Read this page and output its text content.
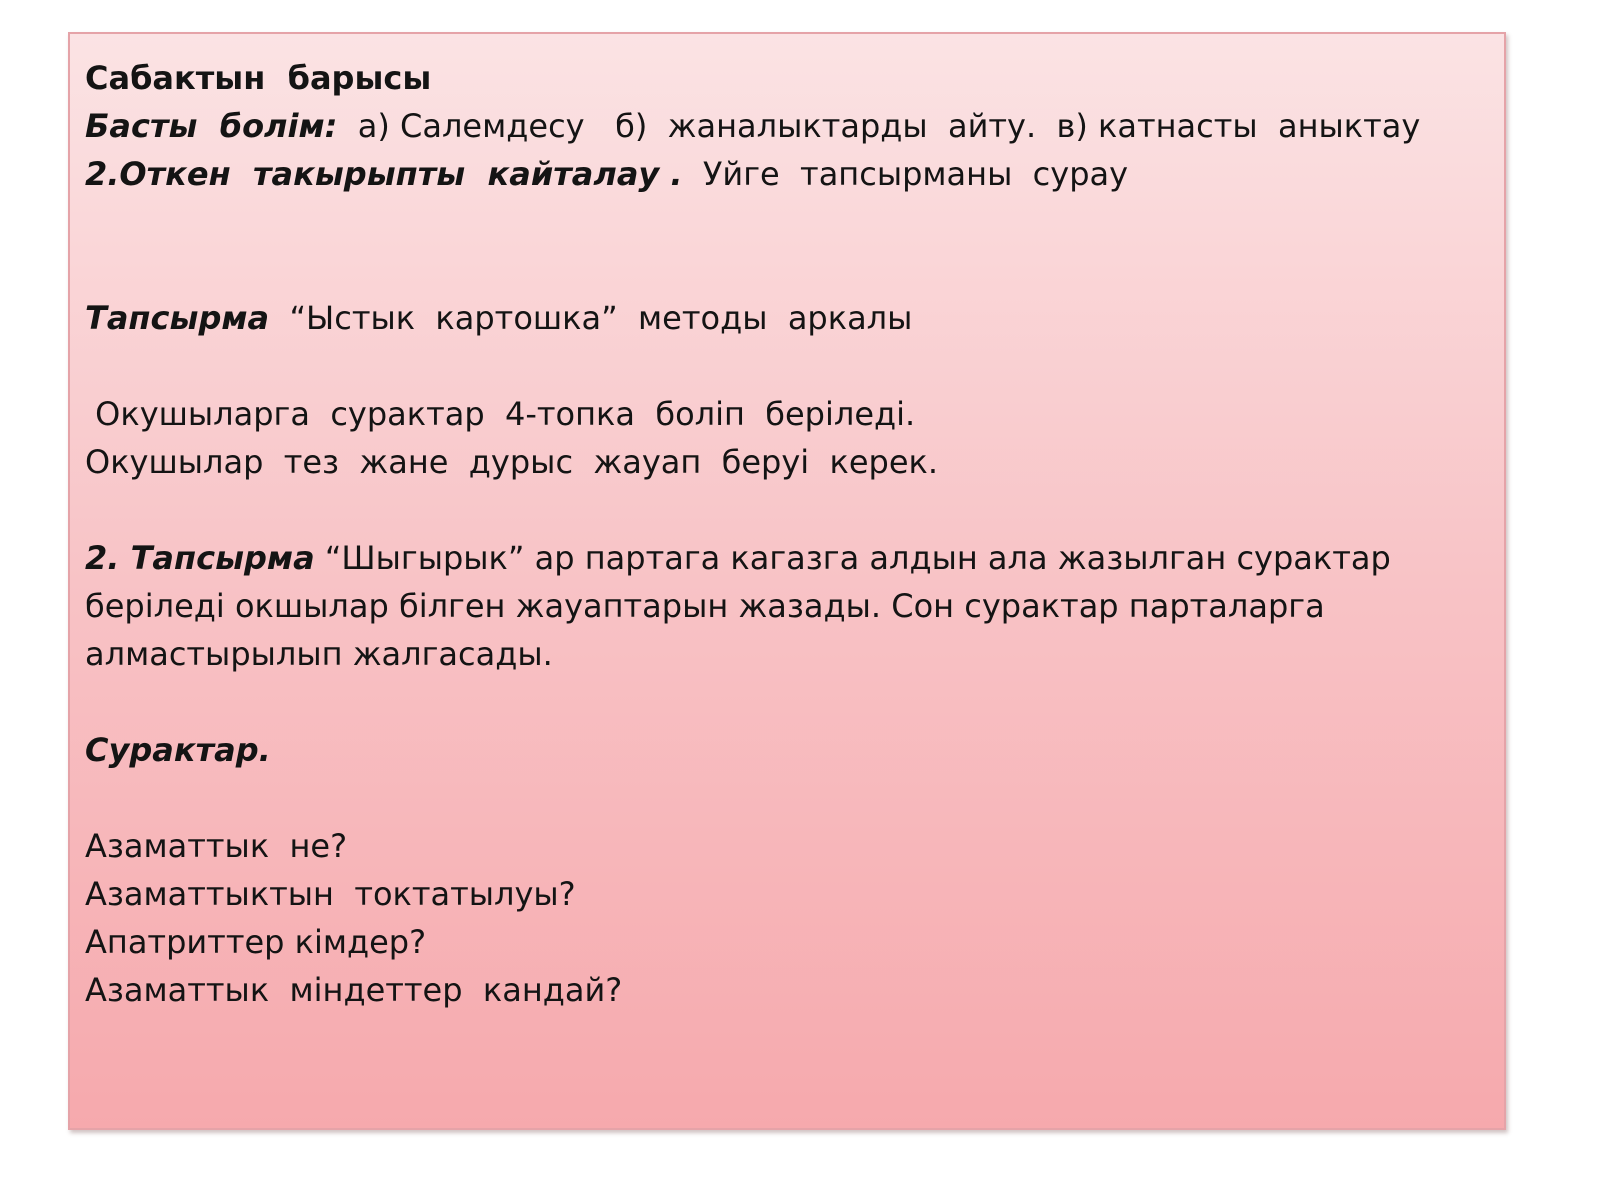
Сабактын  барысы
Басты  болім:  а) Салемдесу   б)  жаналыктарды  айту.  в) катнасты  аныктау
2.Откен  такырыпты  кайталау .  Уйге  тапсырманы  сурау
Тапсырма  “Ыстык  картошка”  методы  аркалы
Окушыларга  сурактар  4-топка  боліп  беріледі.
Окушылар  тез  жане  дурыс  жауап  беруі  керек.
2. Тапсырма “Шыгырык” ар партага кагазга алдын ала жазылган сурактар беріледі окшылар білген жауаптарын жазады. Сон сурактар парталарга алмастырылып жалгасады.
Сурактар.
Азаматтык  не?
Азаматтыктын  токтатылуы?
Апатриттер кімдер?
Азаматтык  міндеттер  кандай?
